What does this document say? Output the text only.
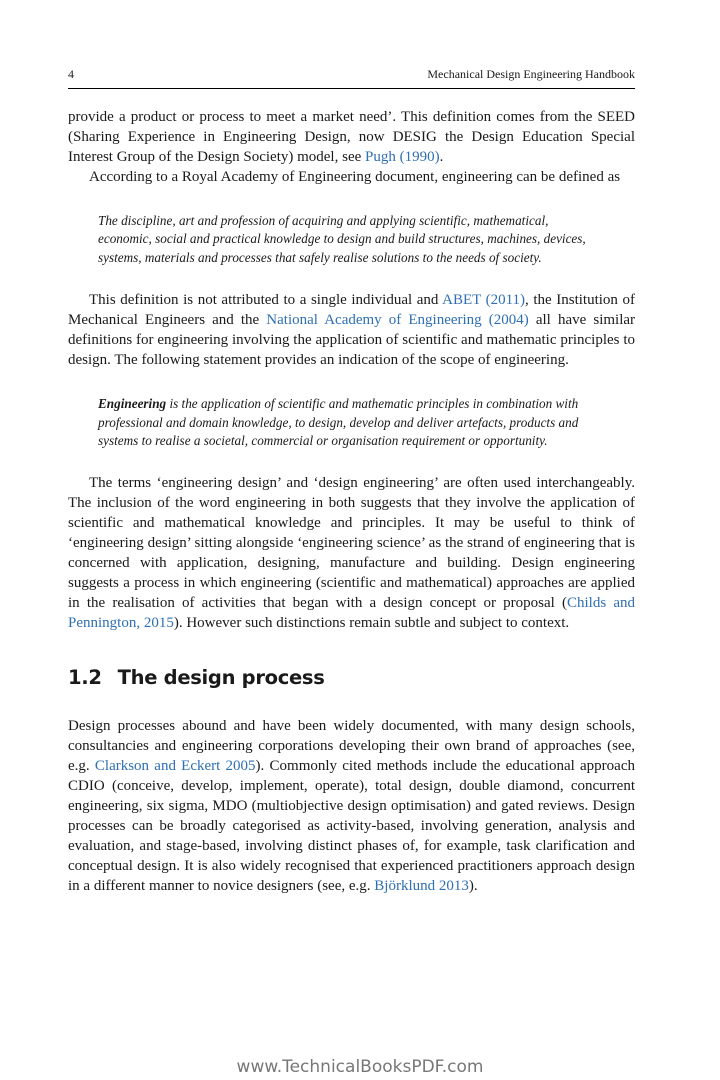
4	Mechanical Design Engineering Handbook

provide a product or process to meet a market need’. This definition comes from the SEED (Sharing Experience in Engineering Design, now DESIG the Design Education Special Interest Group of the Design Society) model, see Pugh (1990).

According to a Royal Academy of Engineering document, engineering can be defined as

The discipline, art and profession of acquiring and applying scientific, mathematical, economic, social and practical knowledge to design and build structures, machines, devices, systems, materials and processes that safely realise solutions to the needs of society.

This definition is not attributed to a single individual and ABET (2011), the Institution of Mechanical Engineers and the National Academy of Engineering (2004) all have similar definitions for engineering involving the application of scientific and mathematic principles to design. The following statement provides an indication of the scope of engineering.

Engineering is the application of scientific and mathematic principles in combination with professional and domain knowledge, to design, develop and deliver artefacts, products and systems to realise a societal, commercial or organisation requirement or opportunity.

The terms ‘engineering design’ and ‘design engineering’ are often used interchangeably. The inclusion of the word engineering in both suggests that they involve the application of scientific and mathematical knowledge and principles. It may be useful to think of ‘engineering design’ sitting alongside ‘engineering science’ as the strand of engineering that is concerned with application, designing, manufacture and building. Design engineering suggests a process in which engineering (scientific and mathematical) approaches are applied in the realisation of activities that began with a design concept or proposal (Childs and Pennington, 2015). However such distinctions remain subtle and subject to context.

1.2 The design process

Design processes abound and have been widely documented, with many design schools, consultancies and engineering corporations developing their own brand of approaches (see, e.g. Clarkson and Eckert 2005). Commonly cited methods include the educational approach CDIO (conceive, develop, implement, operate), total design, double diamond, concurrent engineering, six sigma, MDO (multiobjective design optimisation) and gated reviews. Design processes can be broadly categorised as activity-based, involving generation, analysis and evaluation, and stage-based, involving distinct phases of, for example, task clarification and conceptual design. It is also widely recognised that experienced practitioners approach design in a different manner to novice designers (see, e.g. Björklund 2013).

www.TechnicalBooksPDF.com
